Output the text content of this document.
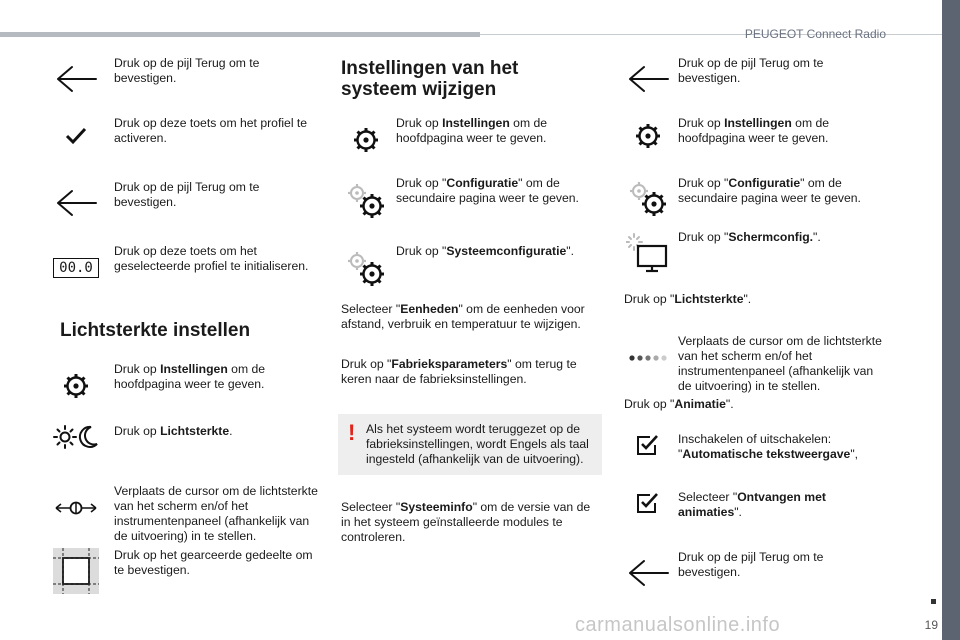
PEUGEOT Connect Radio
Druk op de pijl Terug om te bevestigen.
Druk op deze toets om het profiel te activeren.
Druk op de pijl Terug om te bevestigen.
00.0
Druk op deze toets om het geselecteerde profiel te initialiseren.
Lichtsterkte instellen
Druk op Instellingen om de hoofdpagina weer te geven.
Druk op Lichtsterkte.
Verplaats de cursor om de lichtsterkte van het scherm en/of het instrumentenpaneel (afhankelijk van de uitvoering) in te stellen.
Druk op het gearceerde gedeelte om te bevestigen.
Instellingen van het
systeem wijzigen
Druk op Instellingen om de hoofdpagina weer te geven.
Druk op "Configuratie" om de secundaire pagina weer te geven.
Druk op "Systeemconfiguratie".
Selecteer "Eenheden" om de eenheden voor afstand, verbruik en temperatuur te wijzigen.
Druk op "Fabrieksparameters" om terug te keren naar de fabrieksinstellingen.
! Als het systeem wordt teruggezet op de fabrieksinstellingen, wordt Engels als taal ingesteld (afhankelijk van de uitvoering).
Selecteer "Systeeminfo" om de versie van de in het systeem geïnstalleerde modules te controleren.
Druk op de pijl Terug om te bevestigen.
Druk op Instellingen om de hoofdpagina weer te geven.
Druk op "Configuratie" om de secundaire pagina weer te geven.
Druk op "Schermconfig.".
Druk op "Lichtsterkte".
Verplaats de cursor om de lichtsterkte van het scherm en/of het instrumentenpaneel (afhankelijk van de uitvoering) in te stellen.
Druk op "Animatie".
Inschakelen of uitschakelen: "Automatische tekstweergave",
Selecteer "Ontvangen met animaties".
Druk op de pijl Terug om te bevestigen.
19
carmanualsonline.info
